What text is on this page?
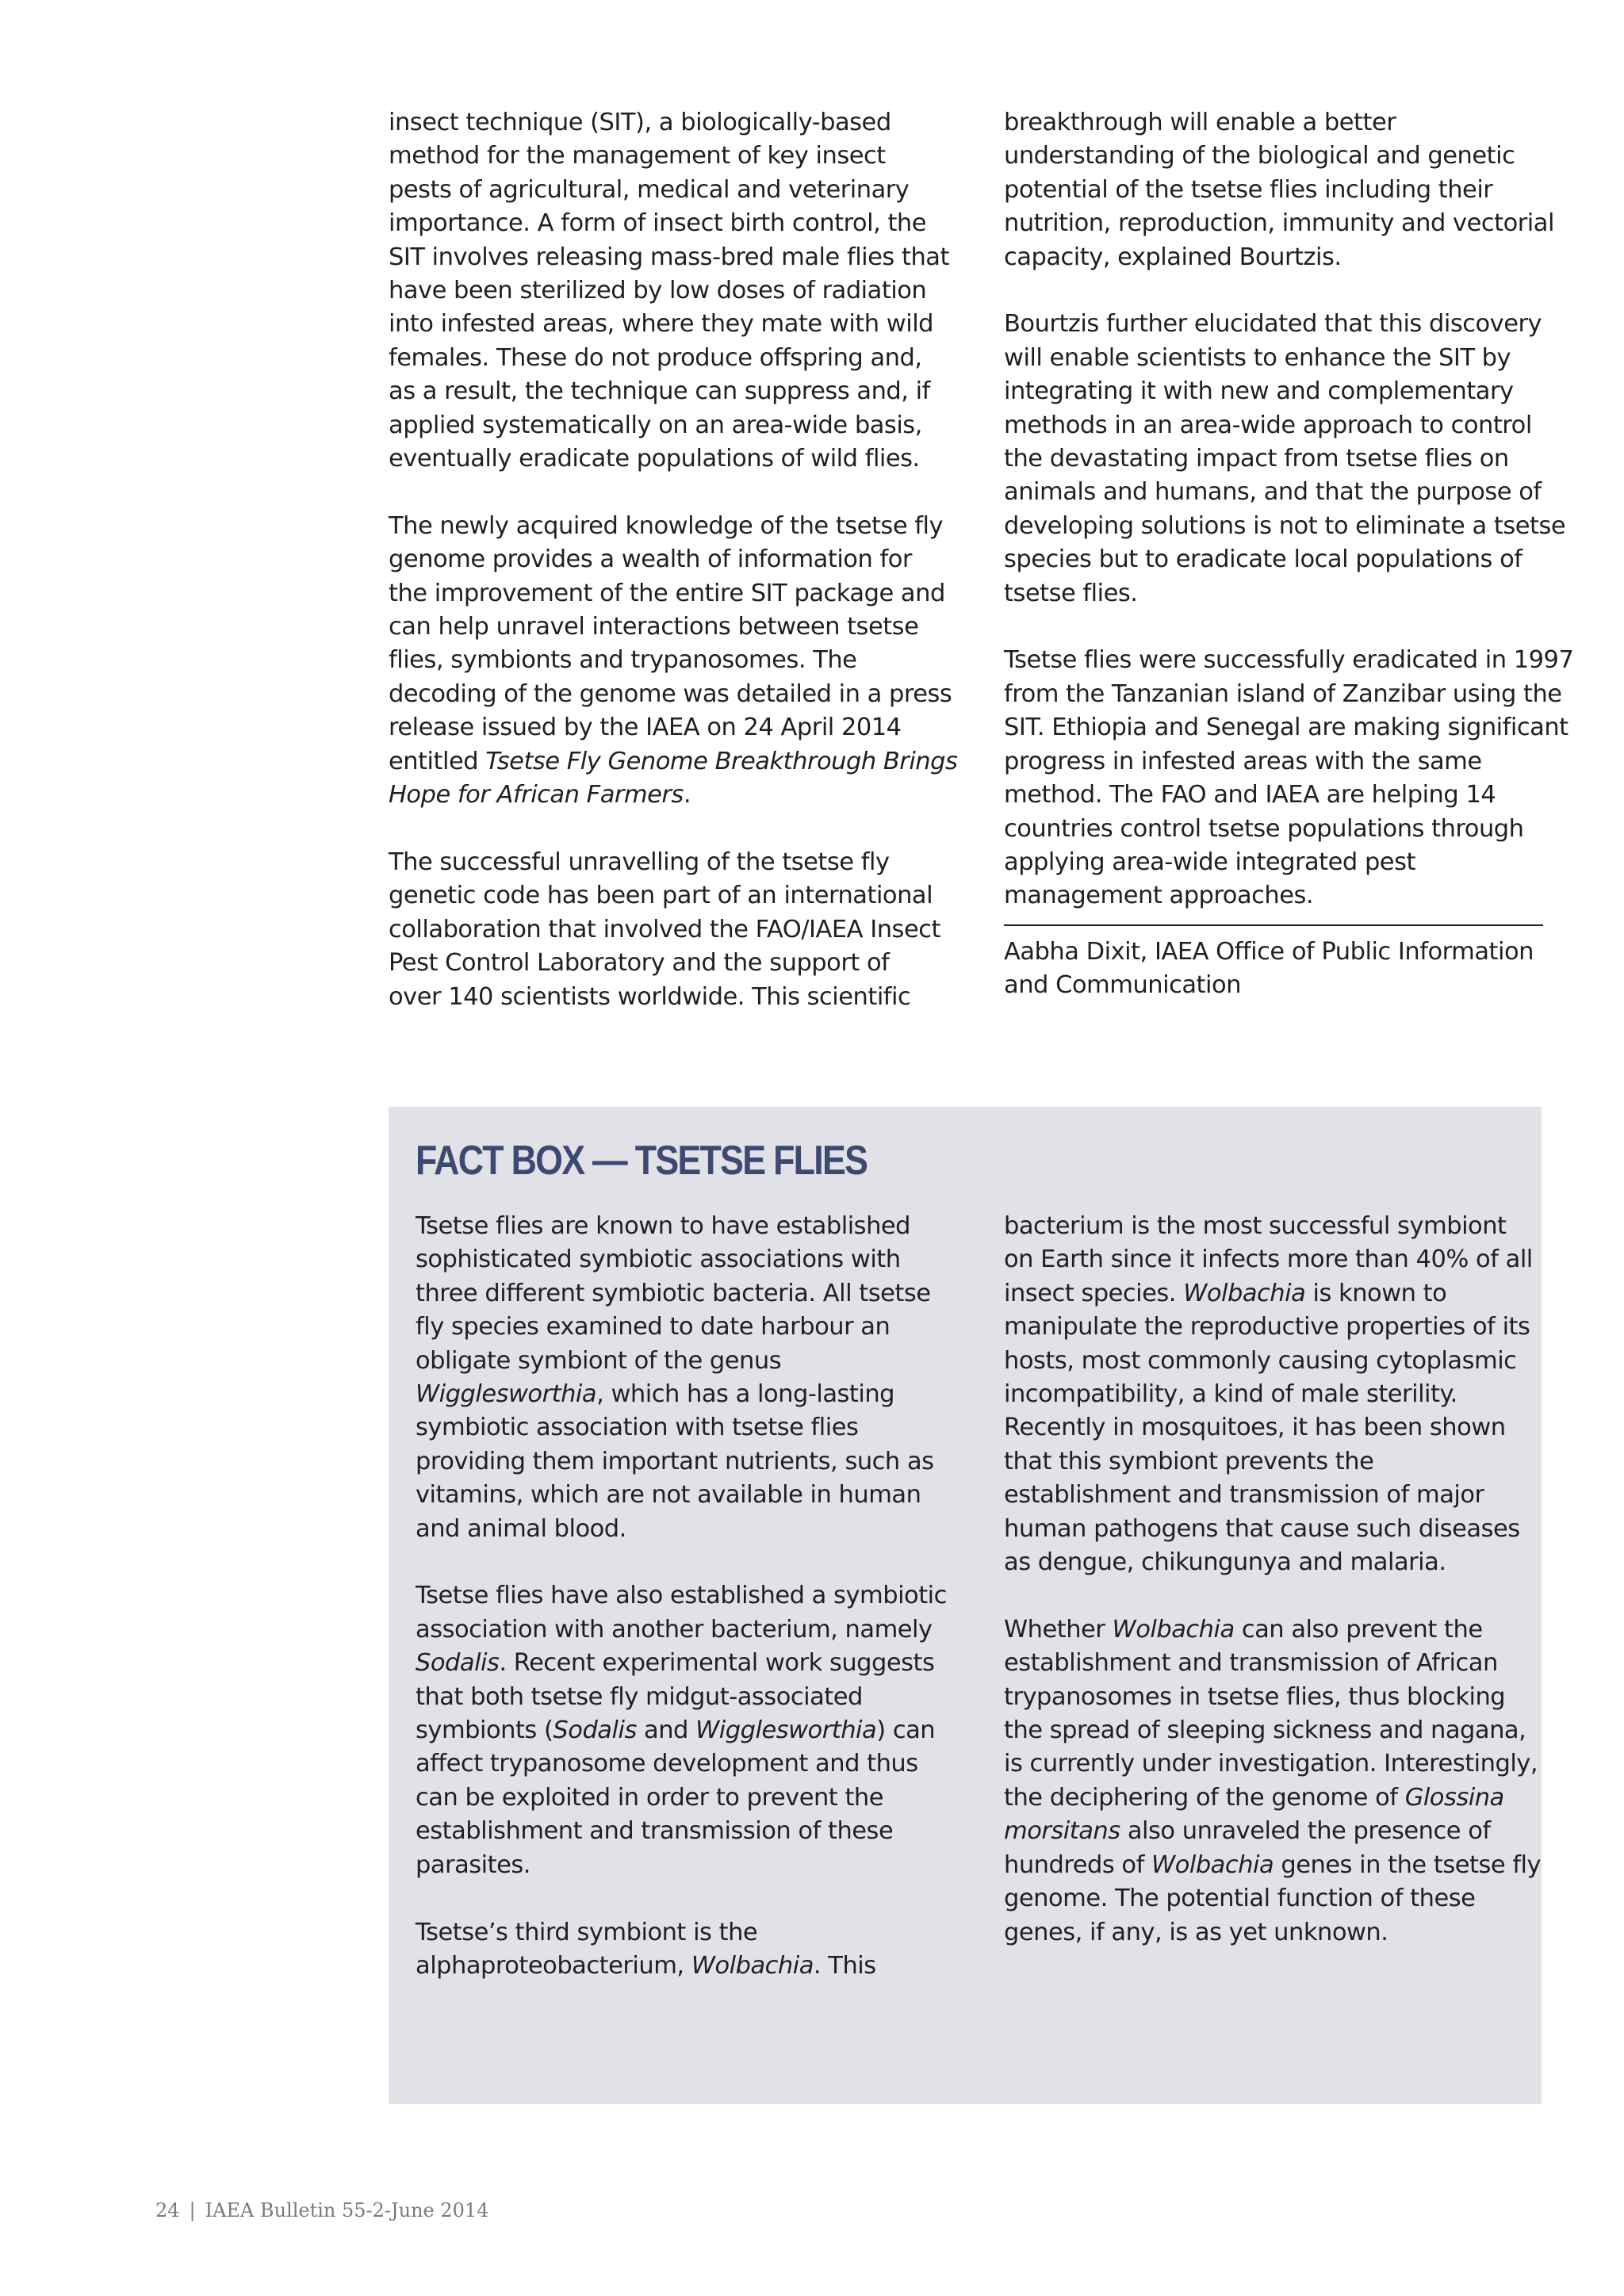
insect technique (SIT), a biologically-based
method for the management of key insect
pests of agricultural, medical and veterinary
importance. A form of insect birth control, the
SIT involves releasing mass-bred male flies that
have been sterilized by low doses of radiation
into infested areas, where they mate with wild
females. These do not produce offspring and,
as a result, the technique can suppress and, if
applied systematically on an area-wide basis,
eventually eradicate populations of wild flies.

The newly acquired knowledge of the tsetse fly
genome provides a wealth of information for
the improvement of the entire SIT package and
can help unravel interactions between tsetse
flies, symbionts and trypanosomes. The
decoding of the genome was detailed in a press
release issued by the IAEA on 24 April 2014
entitled Tsetse Fly Genome Breakthrough Brings
Hope for African Farmers.

The successful unravelling of the tsetse fly
genetic code has been part of an international
collaboration that involved the FAO/IAEA Insect
Pest Control Laboratory and the support of
over 140 scientists worldwide. This scientific

breakthrough will enable a better
understanding of the biological and genetic
potential of the tsetse flies including their
nutrition, reproduction, immunity and vectorial
capacity, explained Bourtzis.

Bourtzis further elucidated that this discovery
will enable scientists to enhance the SIT by
integrating it with new and complementary
methods in an area-wide approach to control
the devastating impact from tsetse flies on
animals and humans, and that the purpose of
developing solutions is not to eliminate a tsetse
species but to eradicate local populations of
tsetse flies.

Tsetse flies were successfully eradicated in 1997
from the Tanzanian island of Zanzibar using the
SIT. Ethiopia and Senegal are making significant
progress in infested areas with the same
method. The FAO and IAEA are helping 14
countries control tsetse populations through
applying area-wide integrated pest
management approaches.

Aabha Dixit, IAEA Office of Public Information
and Communication

FACT BOX — TSETSE FLIES

Tsetse flies are known to have established
sophisticated symbiotic associations with
three different symbiotic bacteria. All tsetse
fly species examined to date harbour an
obligate symbiont of the genus
Wigglesworthia, which has a long-lasting
symbiotic association with tsetse flies
providing them important nutrients, such as
vitamins, which are not available in human
and animal blood.

Tsetse flies have also established a symbiotic
association with another bacterium, namely
Sodalis. Recent experimental work suggests
that both tsetse fly midgut-associated
symbionts (Sodalis and Wigglesworthia) can
affect trypanosome development and thus
can be exploited in order to prevent the
establishment and transmission of these
parasites.

Tsetse’s third symbiont is the
alphaproteobacterium, Wolbachia. This

bacterium is the most successful symbiont
on Earth since it infects more than 40% of all
insect species. Wolbachia is known to
manipulate the reproductive properties of its
hosts, most commonly causing cytoplasmic
incompatibility, a kind of male sterility.
Recently in mosquitoes, it has been shown
that this symbiont prevents the
establishment and transmission of major
human pathogens that cause such diseases
as dengue, chikungunya and malaria.

Whether Wolbachia can also prevent the
establishment and transmission of African
trypanosomes in tsetse flies, thus blocking
the spread of sleeping sickness and nagana,
is currently under investigation. Interestingly,
the deciphering of the genome of Glossina
morsitans also unraveled the presence of
hundreds of Wolbachia genes in the tsetse fly
genome. The potential function of these
genes, if any, is as yet unknown.

24 | IAEA Bulletin 55-2-June 2014
